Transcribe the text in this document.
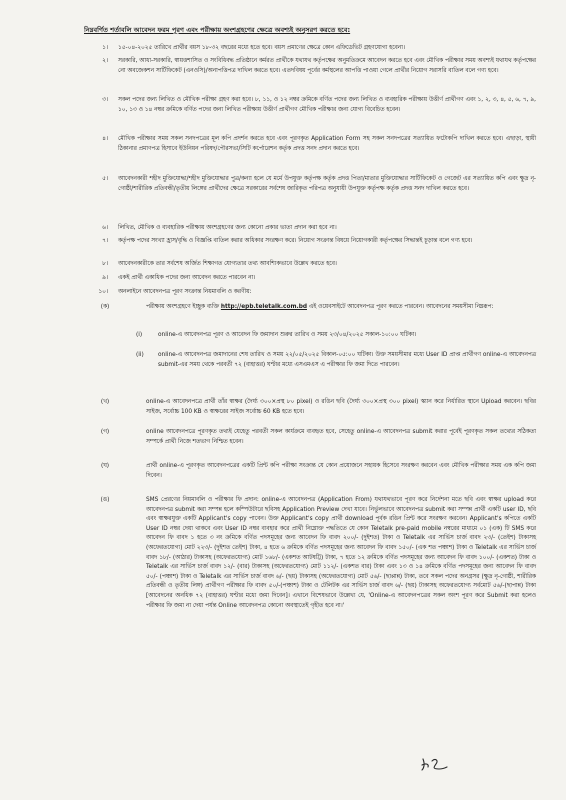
নিম্নবর্ণিত শর্তাবলি আবেদন ফরম পূরণ এবং পরীক্ষায় অংশগ্রহণের ক্ষেত্রে অবশ্যই অনুসরণ করতে হবে:
১। ১৫-০৪-২০২৫ তারিখে প্রার্থীর বয়স ১৮-৩২ বছরের মধ্যে হতে হবে। বয়স প্রমাণের ক্ষেত্রে কোন এফিডেভিট গ্রহণযোগ্য হবেনা।
২। সরকারি, আধা-সরকারি, স্বায়ত্তশাসিত ও সংবিধিবদ্ধ প্রতিষ্ঠানে কর্মরত প্রার্থীকে যথাযথ কর্তৃপক্ষের অনুমতিক্রমে আবেদন করতে হবে এবং মৌখিক পরীক্ষার সময় অবশ্যই যথাযথ কর্তৃপক্ষের নো অবজেকশন সার্টিফিকেট (এনওসি)/অনাপত্তিপত্র দাখিল করতে হবে। এতদবিষয় পূর্বের কর্মস্থলের আপত্তি পাওয়া গেলে প্রার্থীর নিয়োগ সরাসরি বাতিল বলে গণ্য হবে।
৩। সকল পদের জন্য লিখিত ও মৌখিক পরীক্ষা গ্রহণ করা হবে। ৮, ১১, ও ১২ নম্বর ক্রমিকে বর্ণিত পদের জন্য লিখিত ও ব্যবহারিক পরীক্ষায় উত্তীর্ণ প্রার্থীগণ এবং ১, ২, ৩, ৪, ৫, ৬, ৭, ৯, ১০, ১৩ ও ১৪ নম্বর ক্রমিকে বর্ণিত পদের জন্য লিখিত পরীক্ষায় উত্তীর্ণ প্রার্থীগণ মৌখিক পরীক্ষার জন্য যোগ্য বিবেচিত হবেন।
৪। মৌখিক পরীক্ষার সময় সকল সনদপত্রের মূল কপি প্রদর্শন করতে হবে এবং পূরণকৃত Application Form সহ সকল সনদপত্রের সত্যায়িত ফটোকপি দাখিল করতে হবে। এছাড়া, স্থায়ী ঠিকানার প্রমাণপত্র হিসাবে ইউনিয়ন পরিষদ/পৌরসভা/সিটি কর্পোরেশন কর্তৃক প্রদত্ত সনদ প্রদান করতে হবে।
৫। আবেদনকারী শহীদ মুক্তিযোদ্ধা/শহীদ মুক্তিযোদ্ধার পুত্র/কন্যা হলে যে মর্মে উপযুক্ত কর্তৃপক্ষ কর্তৃক প্রদত্ত পিতা/মাতার মুক্তিযোদ্ধার সার্টিফিকেট ও গেজেট এর সত্যায়িত কপি এবং ক্ষুদ্র নৃ-গোষ্ঠী/শারীরিক প্রতিবন্ধী/তৃতীয় লিঙ্গের প্রার্থীদের ক্ষেত্রে সরকারের সর্বশেষ জারিকৃত পরিপত্র অনুযায়ী উপযুক্ত কর্তৃপক্ষ কর্তৃক প্রদত্ত সনদ দাখিল করতে হবে।
৬। লিখিত, মৌখিক ও ব্যবহারিক পরীক্ষায় অংশগ্রহণের জন্য কোনো প্রকার ভাতা প্রদান করা হবে না।
৭। কর্তৃপক্ষ পদের সংখ্যা হ্রাস/বৃদ্ধি ও বিজ্ঞপ্তি বাতিল করার অধিকার সংরক্ষণ করে। নিয়োগ সংক্রান্ত বিষয়ে নিয়োগকারী কর্তৃপক্ষের সিদ্ধান্তই চূড়ান্ত বলে গণ্য হবে।
৮। আবেদনকারীকে তার সর্বশেষ অর্জিত শিক্ষাগত যোগ্যতার তথ্য আবশ্যিকভাবে উল্লেখ করতে হবে।
৯। একই প্রার্থী একাধিক পদের জন্য আবেদন করতে পারবেন না।
১০। অনলাইনে আবেদনপত্র পূরণ সংক্রান্ত নিয়মাবলি ও করণীয়:
(ক)	পরীক্ষায় অংশগ্রহণে ইচ্ছুক ব্যক্তি http://epb.teletalk.com.bd এই ওয়েবসাইটে আবেদনপত্র পূরণ করতে পারবেন। আবেদনের সময়সীমা নিম্নরূপ:
(i)	online-এ আবেদনপত্র পূরণ ও আবেদন ফি জমাদান শুরুর তারিখ ও সময় ২৩/০৪/২০২৫ সকাল-১০:০০ ঘটিকা।
(ii)	online-এ আবেদনপত্র জমাদানের শেষ তারিখ ও সময় ২২/০৫/২০২৫ বিকাল-০৫:০০ ঘটিকা। উক্ত সময়সীমার মধ্যে User ID প্রাপ্ত প্রার্থীগণ online-এ আবেদনপত্র submit-এর সময় থেকে পরবর্তী ৭২ (বাহাত্তর) ঘণ্টার মধ্যে এসএমএস এ পরীক্ষার ফি জমা দিতে পারবেন।
(খ)	online-এ আবেদনপত্রে প্রার্থী তাঁর স্বাক্ষর (দৈর্ঘ্য ৩০০×প্রস্থ ৮০ pixel) ও রঙিন ছবি (দৈর্ঘ্য ৩০০×প্রস্থ ৩০০ pixel) স্ক্যান করে নির্ধারিত স্থানে Upload করবেন। ছবির সাইজ, সর্বোচ্চ 100 KB ও স্বাক্ষরের সাইজ সর্বোচ্চ 60 KB হতে হবে।
(গ)	online আবেদনপত্রে পূরণকৃত তথ্যই যেহেতু পরবর্তী সকল কার্যক্রমে ব্যবহৃত হবে, সেহেতু online-এ আবেদনপত্র submit করার পূর্বেই পূরণকৃত সকল তথ্যের সঠিকতা সম্পর্কে প্রার্থী নিজে শতভাগ নিশ্চিত হবেন।
(ঘ)	প্রার্থী online-এ পূরণকৃত আবেদনপত্রের একটি প্রিন্ট কপি পরীক্ষা সংক্রান্ত যে কোন প্রয়োজনে সহায়ক হিসেবে সংরক্ষণ করবেন এবং মৌখিক পরীক্ষার সময় এক কপি জমা দিবেন।
(ঙ)	SMS প্রেরণের নিয়মাবলি ও পরীক্ষার ফি প্রদান: online-এ আবেদনপত্র (Application From) যথাযথভাবে পূরণ করে নির্দেশনা মতে ছবি এবং স্বাক্ষর upload করে আবেদনপত্র submit করা সম্পন্ন হলে কম্পিউটারে ছবিসহ Application Preview দেখা যাবে। নির্ভুলভাবে আবেদনপত্র submit করা সম্পন্ন প্রার্থী একটি user ID, ছবি এবং স্বাক্ষরযুক্ত একটি Applicant's copy পাবেন। উক্ত Applicant's copy প্রার্থী download পূর্বক রঙিন প্রিন্ট করে সংরক্ষণ করবেন। Applicant's কপিতে একটি User ID নম্বর দেয়া থাকবে এবং User ID নম্বর ব্যবহার করে প্রার্থী নিম্নোক্ত পদ্ধতিতে যে কোন Teletalk pre-paid mobile নম্বরের মাধ্যমে ০১ (এক) টি SMS করে আবেদন ফি বাবদ ১ হতে ৩ নং ক্রমিকে বর্ণিত পদসমূহের জন্য আবেদন ফি বাবদ ২০০/- (দুইশত) টাকা ও Teletalk এর সার্ভিস চার্জ বাবদ ২৩/- (তেইশ) টাকাসহ (অফেরতযোগ্য) মোট ২২৩/- (দুইশত তেইশ) টাকা, ৪ হতে ৬ ক্রমিকে বর্ণিত পদসমূহের জন্য আবেদন ফি বাবদ ১৫০/- (এক শত পঞ্চাশ) টাকা ও Teletalk এর সার্ভিস চার্জ বাবদ ১৮/- (আঠার) টাকাসহ (অফেরতযোগ্য) মোট ১৬৮/- (একশত আটষট্টি) টাকা, ৭ হতে ১২ ক্রমিকে বর্ণিত পদসমূহের জন্য আবেদন ফি বাবদ ১০০/- (একশত) টাকা ও Teletalk এর সার্ভিস চার্জ বাবদ ১২/- (বার) টাকাসহ (অফেরতযোগ্য) মোট ১১২/- (একশত বার) টাকা এবং ১৩ ও ১৪ ক্রমিকে বর্ণিত পদসমূহের জন্য আবেদন ফি বাবদ ৫০/- (পঞ্চাশ) টাকা ও Teletalk এর সার্ভিস চার্জ বাবদ ৬/- (ছয়) টাকাসহ (অফেরতযোগ্য) মোট ৫৬/- (ছাপ্পান্ন) টাকা, তবে সকল পদের অনগ্রসর (ক্ষুদ্র নৃ-গোষ্ঠী, শারীরিক প্রতিবন্ধী ও তৃতীয় লিঙ্গ) প্রার্থীগণ পরীক্ষার ফি বাবদ ৫০/-(পঞ্চাশ) টাকা ও টেলিটক এর সার্ভিস চার্জ বাবদ ৬/- (ছয়) টাকাসহ অফেরতযোগ্য সর্বমোট ৫৬/-(ছাপান্ন) টাকা [আবেদনের অনধিক ৭২ (বাহাত্তর) ঘণ্টার মধ্যে জমা দিবেন]। এখানে বিশেষভাবে উল্লেখ্য যে, 'Online-এ আবেদনপত্রের সকল অংশ পূরণ করে Submit করা হলেও পরীক্ষার ফি জমা না দেয়া পর্যন্ত Online আবেদনপত্র কোনো অবস্থাতেই গৃহীত হবে না।'
